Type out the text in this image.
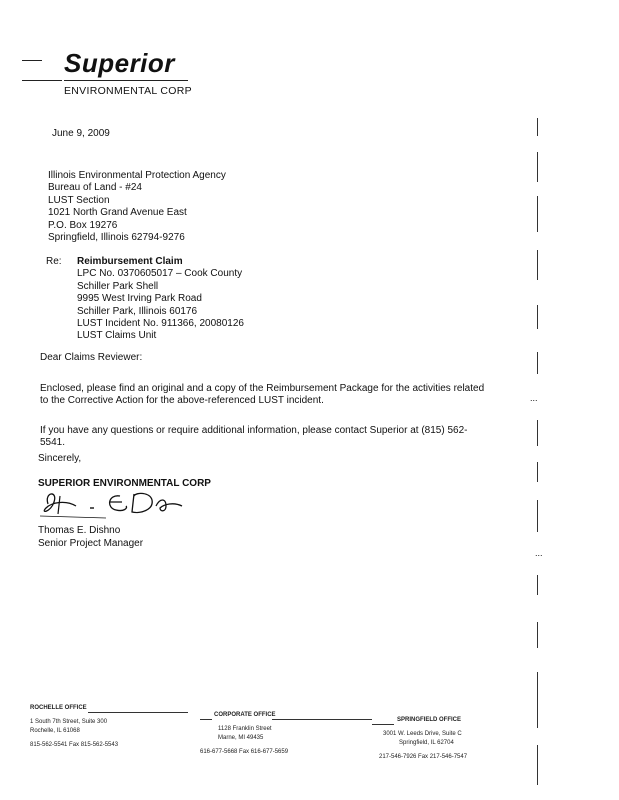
Superior
ENVIRONMENTAL CORP
...
...
June 9, 2009
Illinois Environmental Protection Agency
Bureau of Land - #24
LUST Section
1021 North Grand Avenue East
P.O. Box 19276
Springfield, Illinois 62794-9276
Re: Reimbursement Claim
LPC No. 0370605017 – Cook County
Schiller Park Shell
9995 West Irving Park Road
Schiller Park, Illinois 60176
LUST Incident No. 911366, 20080126
LUST Claims Unit
Dear Claims Reviewer:
Enclosed, please find an original and a copy of the Reimbursement Package for the activities related to the Corrective Action for the above-referenced LUST incident.
If you have any questions or require additional information, please contact Superior at (815) 562-5541.
Sincerely,
SUPERIOR ENVIRONMENTAL CORP
Thomas E. Dishno
Senior Project Manager
ROCHELLE OFFICE
1 South 7th Street, Suite 300
Rochelle, IL 61068
815-562-5541 Fax 815-562-5543
CORPORATE OFFICE
1128 Franklin Street
Marne, MI 49435
616-677-5668 Fax 616-677-5659
SPRINGFIELD OFFICE
3001 W. Leeds Drive, Suite C
Springfield, IL 62704
217-546-7926 Fax 217-546-7547
